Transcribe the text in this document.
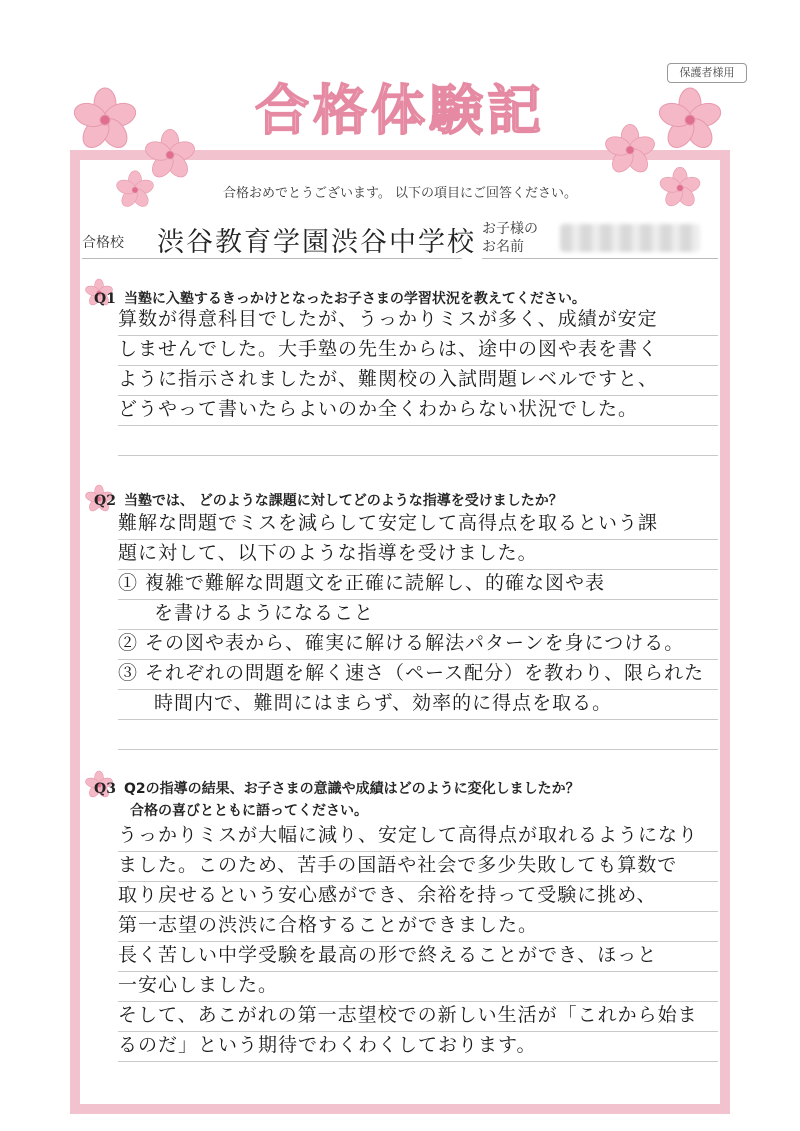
保護者様用
合格体験記
合格おめでとうございます。 以下の項目にご回答ください。
合格校 渋谷教育学園渋谷中学校 お子様の お名前
Q1 当塾に入塾するきっかけとなったお子さまの学習状況を教えてください。
算数が得意科目でしたが、うっかりミスが多く、成績が安定
しませんでした。大手塾の先生からは、途中の図や表を書く
ように指示されましたが、難関校の入試問題レベルですと、
どうやって書いたらよいのか全くわからない状況でした。
Q2 当塾では、 どのような課題に対してどのような指導を受けましたか？
難解な問題でミスを減らして安定して高得点を取るという課
題に対して、以下のような指導を受けました。
① 複雑で難解な問題文を正確に読解し、的確な図や表
を書けるようになること
② その図や表から、確実に解ける解法パターンを身につける。
③ それぞれの問題を解く速さ（ペース配分）を教わり、限られた
時間内で、難問にはまらず、効率的に得点を取る。
Q3 Q2の指導の結果、お子さまの意識や成績はどのように変化しましたか？
合格の喜びとともに語ってください。
うっかりミスが大幅に減り、安定して高得点が取れるようになり
ました。このため、苦手の国語や社会で多少失敗しても算数で
取り戻せるという安心感ができ、余裕を持って受験に挑め、
第一志望の渋渋に合格することができました。
長く苦しい中学受験を最高の形で終えることができ、ほっと
一安心しました。
そして、あこがれの第一志望校での新しい生活が「これから始ま
るのだ」という期待でわくわくしております。
